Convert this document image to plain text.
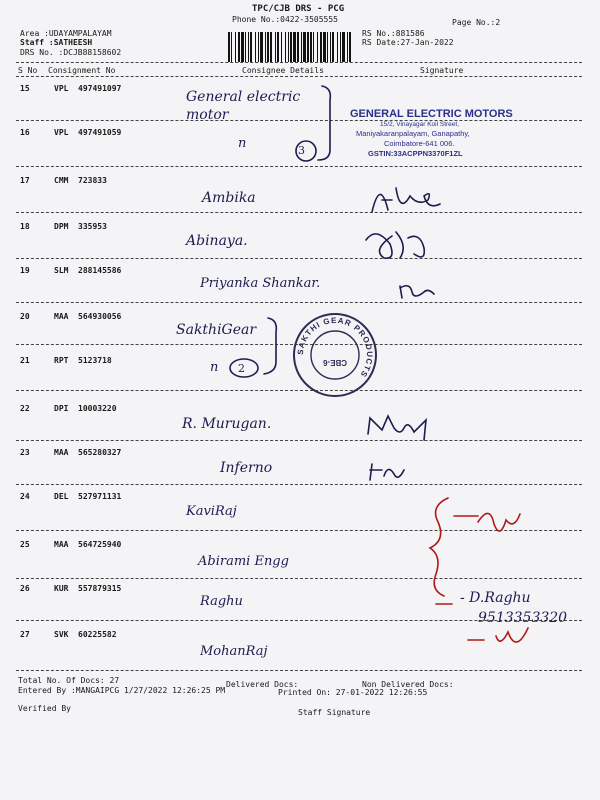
TPC/CJB DRS - PCG
Phone No.:0422-3505555	Page No.:2
Area :UDAYAMPALAYAM
Staff :SATHEESH
DRS No. :DCJB88158602
RS No.:881586
RS Date:27-Jan-2022
S No Consignment No	Consignee Details	Signature
15	VPL 497491097
General electric motor
16	VPL 497491059
n
17	CMM 723833
Ambika
18	DPM 335953
Abinaya.
19	SLM 288145586
Priyanka Shankar.
20	MAA 564930056
SakthiGear
21	RPT 5123718	n
22	DPI 10003220
R. Murugan.
23	MAA 565280327
Inferno
24	DEL 527971131
KaviRaj
25	MAA 564725940
Abirami Engg
26	KUR 557879315
Raghu
27	SVK 60225582
MohanRaj
3
2
- D.Raghu
9513353320
GENERAL ELECTRIC MOTORS
15/2, Vinayagar Koil Street,
Maniyakaranpalayam, Ganapathy,
Coimbatore-641 006.
GSTIN:33ACPPN3370F1ZL
SAKTHI GEAR PRODUCTS
CBE-6
Total No. Of Docs: 27	Delivered Docs:	Non Delivered Docs:
Entered By :MANGAIPCG 1/27/2022 12:26:25 PM	Printed On: 27-01-2022 12:26:55
Verified By	Staff Signature
